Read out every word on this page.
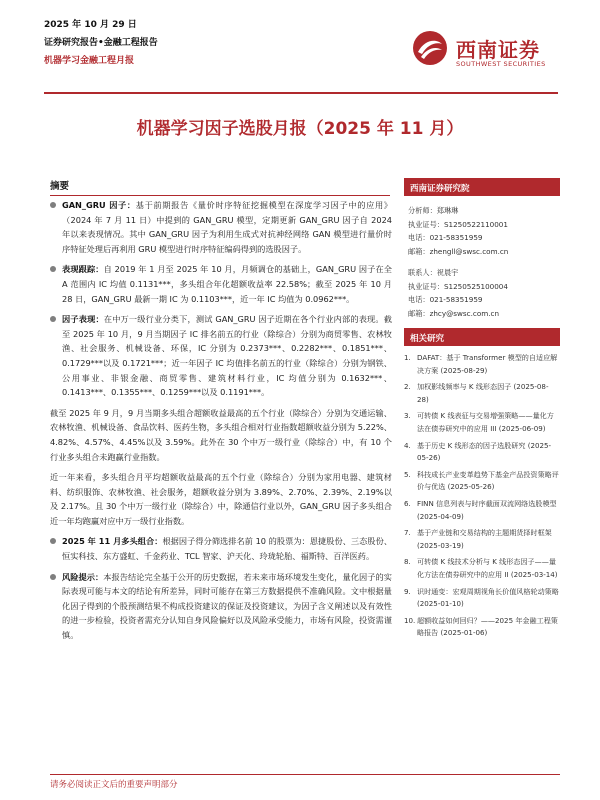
2025 年 10 月 29 日
证券研究报告•金融工程报告
机器学习金融工程月报	西南证券
SOUTHWEST SECURITIES
机器学习因子选股月报（2025 年 11 月）
摘要
GAN_GRU 因子：基于前期报告《量价时序特征挖掘模型在深度学习因子中的应用》（2024 年 7 月 11 日）中提到的 GAN_GRU 模型，定期更新 GAN_GRU 因子自 2024 年以来表现情况。其中 GAN_GRU 因子为利用生成式对抗神经网络 GAN 模型进行量价时序特征处理后再利用 GRU 模型进行时序特征编码得到的选股因子。
表现跟踪：自 2019 年 1 月至 2025 年 10 月，月频调仓的基础上，GAN_GRU 因子在全 A 范围内 IC 均值 0.1131***，多头组合年化超额收益率 22.58%；截至 2025 年 10 月 28 日，GAN_GRU 最新一期 IC 为 0.1103***，近一年 IC 均值为 0.0962***。
因子表现：在中万一级行业分类下，测试 GAN_GRU 因子近期在各个行业内部的表现。截至 2025 年 10 月，9 月当期因子 IC 排名前五的行业（除综合）分别为商贸零售、农林牧渔、社会服务、机械设备、环保，IC 分别为 0.2373***、0.2282***、0.1851***、0.1729***以及 0.1721***；近一年因子 IC 均值排名前五的行业（除综合）分别为钢铁、公用事业、非银金融、商贸零售、建筑材料行业，IC 均值分别为 0.1632***、0.1413***、0.1355***、0.1259***以及 0.1191***。
截至 2025 年 9 月，9 月当期多头组合超额收益最高的五个行业（除综合）分别为交通运输、农林牧渔、机械设备、食品饮料、医药生物，多头组合相对行业指数超额收益分别为 5.22%、4.82%、4.57%、4.45%以及 3.59%。此外在 30 个中万一级行业（除综合）中，有 10 个行业多头组合未跑赢行业指数。
近一年来看，多头组合月平均超额收益最高的五个行业（除综合）分别为家用电器、建筑材料、纺织服饰、农林牧渔、社会服务，超额收益分别为 3.89%、2.70%、2.39%、2.19%以及 2.17%。且 30 个中万一级行业（除综合）中，除通信行业以外，GAN_GRU 因子多头组合近一年均跑赢对应中万一级行业指数。
2025 年 11 月多头组合：根据因子得分筛选排名前 10 的股票为：恩捷股份、三态股份、恒实科技、东方盛虹、千金药业、TCL 智家、沪天化、玲珑轮胎、福斯特、百洋医药。
风险提示：本报告结论完全基于公开的历史数据，若未来市场环境发生变化，量化因子的实际表现可能与本文的结论有所差异，同时可能存在第三方数据提供不准确风险。文中根据量化因子得到的个股预测结果不构成投资建议的保证及投资建议，为因子含义阐述以及有效性的进一步检验，投资者需充分认知自身风险偏好以及风险承受能力，市场有风险，投资需谨慎。
西南证券研究院
分析师：郑琳琳
执业证号：S1250522110001
电话：021-58351959
邮箱：zhengll@swsc.com.cn
联系人：祝晨宇
执业证号：S1250525100004
电话：021-58351959
邮箱：zhcy@swsc.com.cn
相关研究
1. DAFAT：基于 Transformer 模型的自适应解决方案 (2025-08-29)
2. 加权影线频率与 K 线形态因子 (2025-08-28)
3. 可转债 K 线表征与交易增强策略——量化方法在债券研究中的应用 III (2025-06-09)
4. 基于历史 K 线形态的因子选股研究 (2025-05-26)
5. 科技成长产业变革趋势下基金产品投资策略评价与优选 (2025-05-26)
6. FINN 信息列表与时序截面双流网络选股模型 (2025-04-09)
7. 基于产业链和交易结构的主题期货择时框架 (2025-03-19)
8. 可转债 K 线技术分析与 K 线形态因子——量化方法在债券研究中的应用 II (2025-03-14)
9. 识时通变：宏观周期视角长价值风格轮动策略 (2025-01-10)
10. 超额收益如何回归？——2025 年金融工程策略报告 (2025-01-06)
请务必阅读正文后的重要声明部分
